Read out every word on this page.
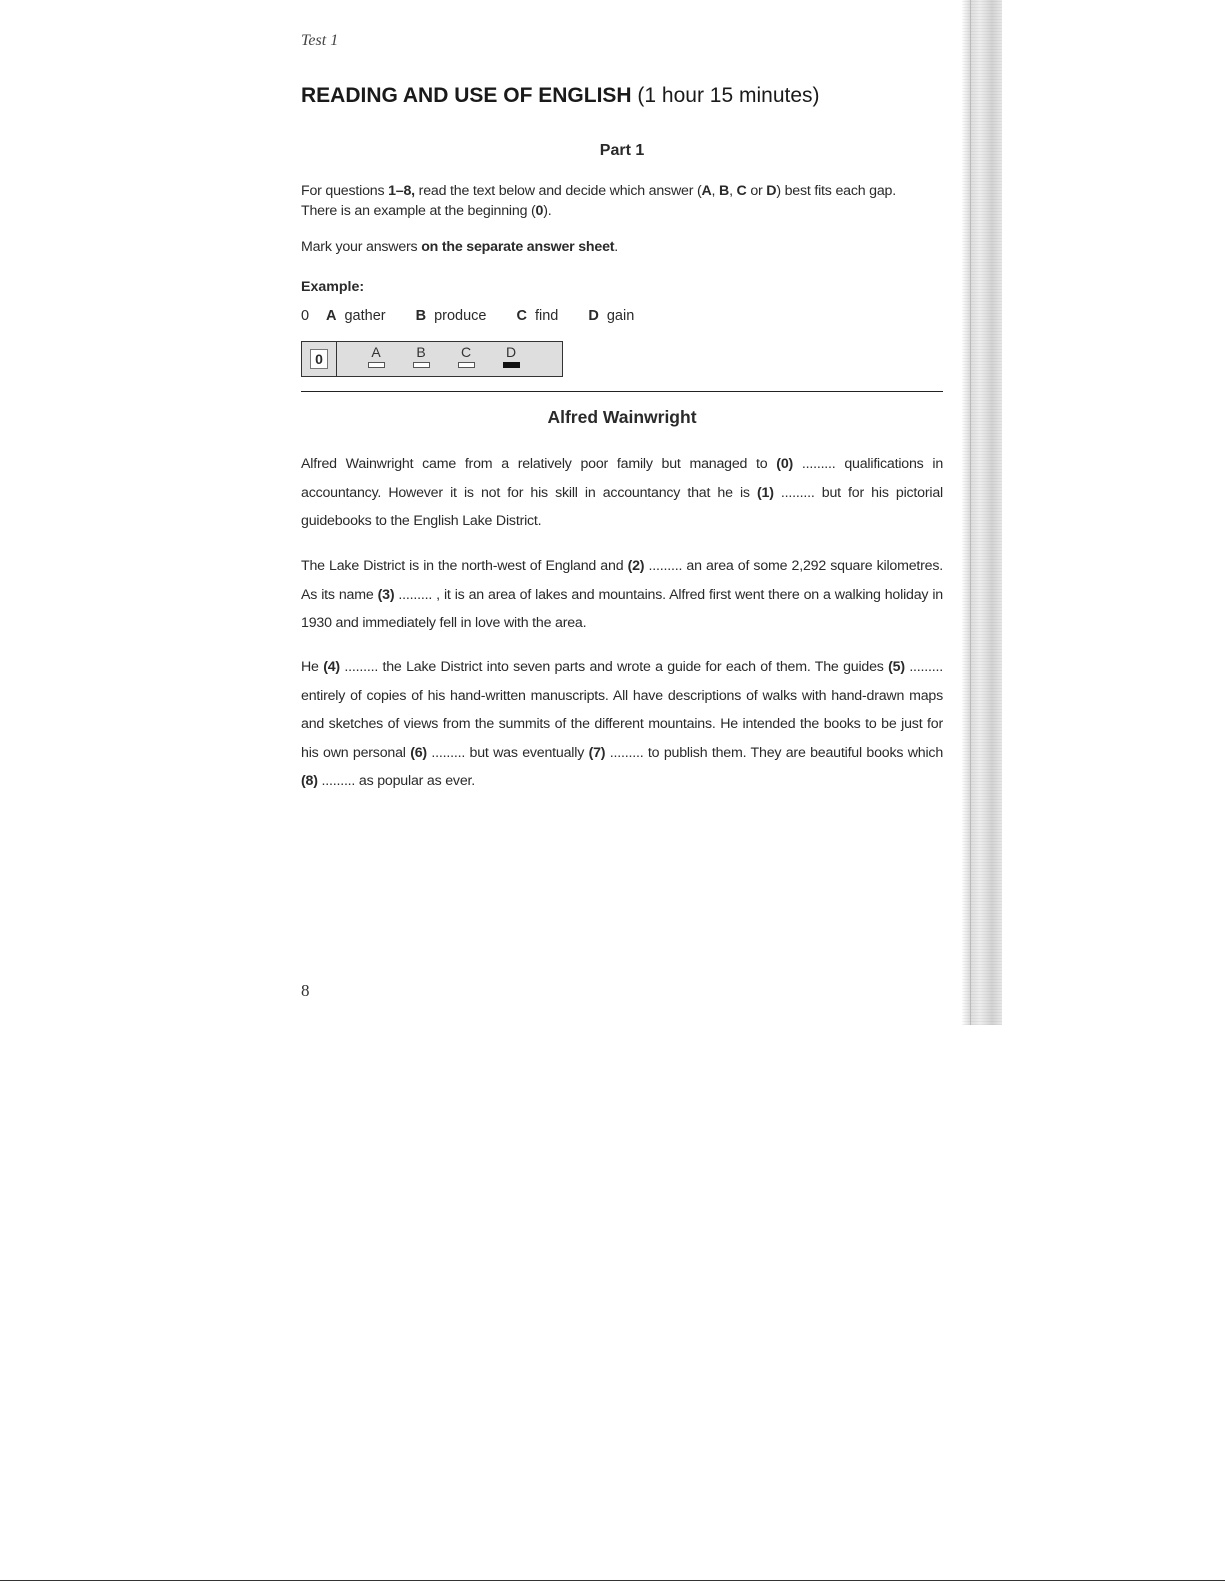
Test 1
READING AND USE OF ENGLISH (1 hour 15 minutes)
Part 1
For questions 1–8, read the text below and decide which answer (A, B, C or D) best fits each gap.
There is an example at the beginning (0).
Mark your answers on the separate answer sheet.
Example:
0	A gather B produce C find D gain
0	A	B	C	D
Alfred Wainwright

Alfred Wainwright came from a relatively poor family but managed to (0) ......... qualifications in accountancy. However it is not for his skill in accountancy that he is (1) ......... but for his pictorial guidebooks to the English Lake District.

The Lake District is in the north-west of England and (2) ......... an area of some 2,292 square kilometres. As its name (3) ......... , it is an area of lakes and mountains. Alfred first went there on a walking holiday in 1930 and immediately fell in love with the area.

He (4) ......... the Lake District into seven parts and wrote a guide for each of them. The guides (5) ......... entirely of copies of his hand-written manuscripts. All have descriptions of walks with hand-drawn maps and sketches of views from the summits of the different mountains. He intended the books to be just for his own personal (6) ......... but was eventually (7) ......... to publish them. They are beautiful books which (8) ......... as popular as ever.

8
